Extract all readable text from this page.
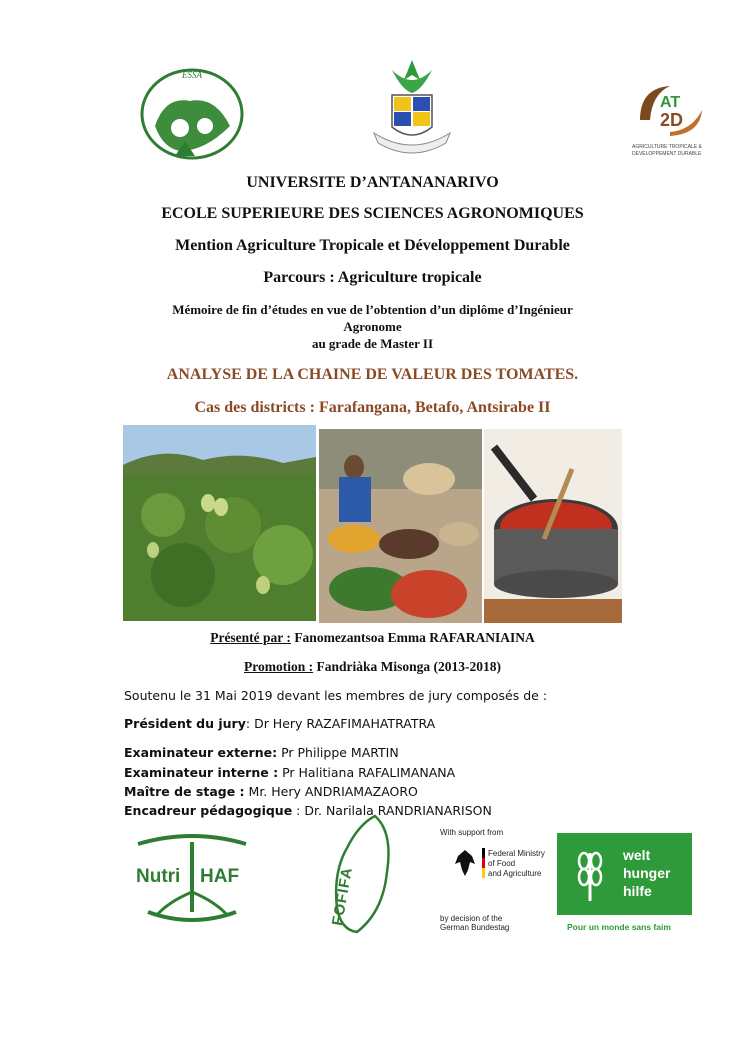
ESSA
AT
2D
AGRICULTURE TROPICALE &
DEVELOPPEMENT DURABLE
UNIVERSITE D’ANTANANARIVO
ECOLE SUPERIEURE DES SCIENCES AGRONOMIQUES
Mention Agriculture Tropicale et Développement Durable
Parcours : Agriculture tropicale
Mémoire de fin d’études en vue de l’obtention d’un diplôme d’Ingénieur
Agronome
au grade de Master II
ANALYSE DE LA CHAINE DE VALEUR DES TOMATES.
Cas des districts : Farafangana, Betafo, Antsirabe II
Présenté par : Fanomezantsoa Emma RAFARANIAINA
Promotion : Fandriàka Misonga (2013-2018)
Soutenu le 31 Mai 2019 devant les membres de jury composés de :
Président du jury: Dr Hery RAZAFIMAHATRATRA
Examinateur externe: Pr Philippe MARTIN
Examinateur interne : Pr Halitiana RAFALIMANANA
Maître de stage : Mr. Hery ANDRIAMAZAORO
Encadreur pédagogique : Dr. Narilala RANDRIANARISON
Nutri HAF	FOFIFA
With support from
Federal Ministry
of Food
and Agriculture
by decision of the
German Bundestag
welt
hunger
hilfe
Pour un monde sans faim
